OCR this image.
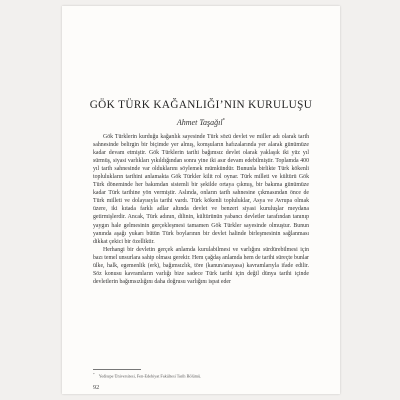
GÖK TÜRK KAĞANLIĞI’NIN KURULUŞU
Ahmet Taşağıl*

Gök Türklerin kurduğu kağanlık sayesinde Türk sözü devlet ve miller adı olarak tarih sahnesinde belirgin bir biçimde yer almış, komşuların hafızalarında yer alarak günümüze kadar devam etmiştir. Gök Türklerin tarihi bağımsız devlet olarak yaklaşık iki yüz yıl sürmüş, siyasi varlıkları yıkıldığından sonra yine iki asır devam edebilmiştir. Toplamda 400 yıl tarih sahnesinde var olduklarını söylemek mümkündür. Bununla birlikte Türk kökenli toplulukların tarihini anlamakta Gök Türkler kilit rol oynar. Türk milleti ve kültürü Gök Türk döneminde her bakımdan sistemli bir şekilde ortaya çıkmış, bir bakıma günümüze kadar Türk tarihine yön vermiştir. Aslında, onların tarih sahnesine çıkmasından önce de Türk milleti ve dolayısıyla tarihi vardı. Türk kökenli topluluklar, Asya ve Avrupa olmak üzere, iki kıtada farklı adlar altında devlet ve benzeri siyasi kuruluşlar meydana getirmişlerdir. Ancak, Türk adının, dilinin, kültürünün yabancı devletler tarafından tanınıp yaygın hale gelmesinin gerçekleşmesi tamamen Gök Türkler sayesinde olmuştur. Bunun yanında aşağı yukarı bütün Türk boylarının bir devlet halinde birleşmesinin sağlanması dikkat çekici bir özelliktir.

Herhangi bir devletin gerçek anlamda kurulabilmesi ve varlığını sürdürebilmesi için bazı temel unsurlara sahip olması gerekir. Hem çağdaş anlamda hem de tarihi süreçte bunlar ülke, halk, egemenlik (erk), bağımsızlık, töre (kanun/anayasa) kavramlarıyla ifade edilir. Söz konusu kavramların varlığı bize sadece Türk tarihi için değil dünya tarihi içinde devletlerin bağımsızlığını daha doğrusu varlığını ispat eder

* Yeditepe Üniversitesi, Fen-Edebiyat Fakültesi Tarih Bölümü.
92
